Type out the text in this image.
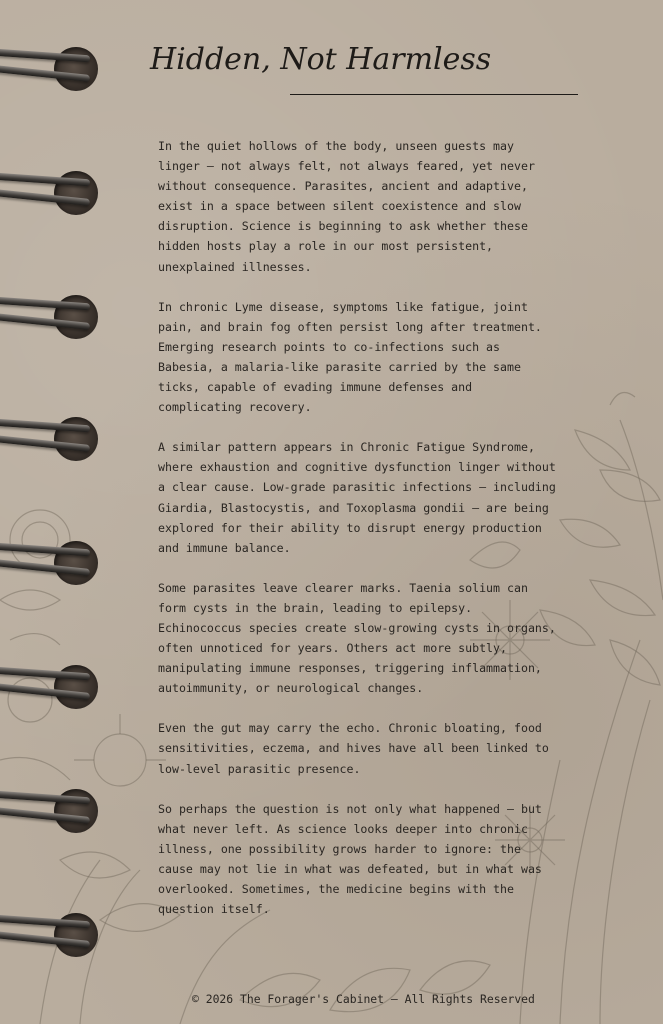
Hidden, Not Harmless

In the quiet hollows of the body, unseen guests may linger — not always felt, not always feared, yet never without consequence. Parasites, ancient and adaptive, exist in a space between silent coexistence and slow disruption. Science is beginning to ask whether these hidden hosts play a role in our most persistent, unexplained illnesses.

In chronic Lyme disease, symptoms like fatigue, joint pain, and brain fog often persist long after treatment. Emerging research points to co-infections such as Babesia, a malaria-like parasite carried by the same ticks, capable of evading immune defenses and complicating recovery.

A similar pattern appears in Chronic Fatigue Syndrome, where exhaustion and cognitive dysfunction linger without a clear cause. Low-grade parasitic infections — including Giardia, Blastocystis, and Toxoplasma gondii — are being explored for their ability to disrupt energy production and immune balance.

Some parasites leave clearer marks. Taenia solium can form cysts in the brain, leading to epilepsy. Echinococcus species create slow-growing cysts in organs, often unnoticed for years. Others act more subtly, manipulating immune responses, triggering inflammation, autoimmunity, or neurological changes.

Even the gut may carry the echo. Chronic bloating, food sensitivities, eczema, and hives have all been linked to low-level parasitic presence.

So perhaps the question is not only what happened — but what never left. As science looks deeper into chronic illness, one possibility grows harder to ignore: the cause may not lie in what was defeated, but in what was overlooked. Sometimes, the medicine begins with the question itself.

© 2026 The Forager's Cabinet — All Rights Reserved
